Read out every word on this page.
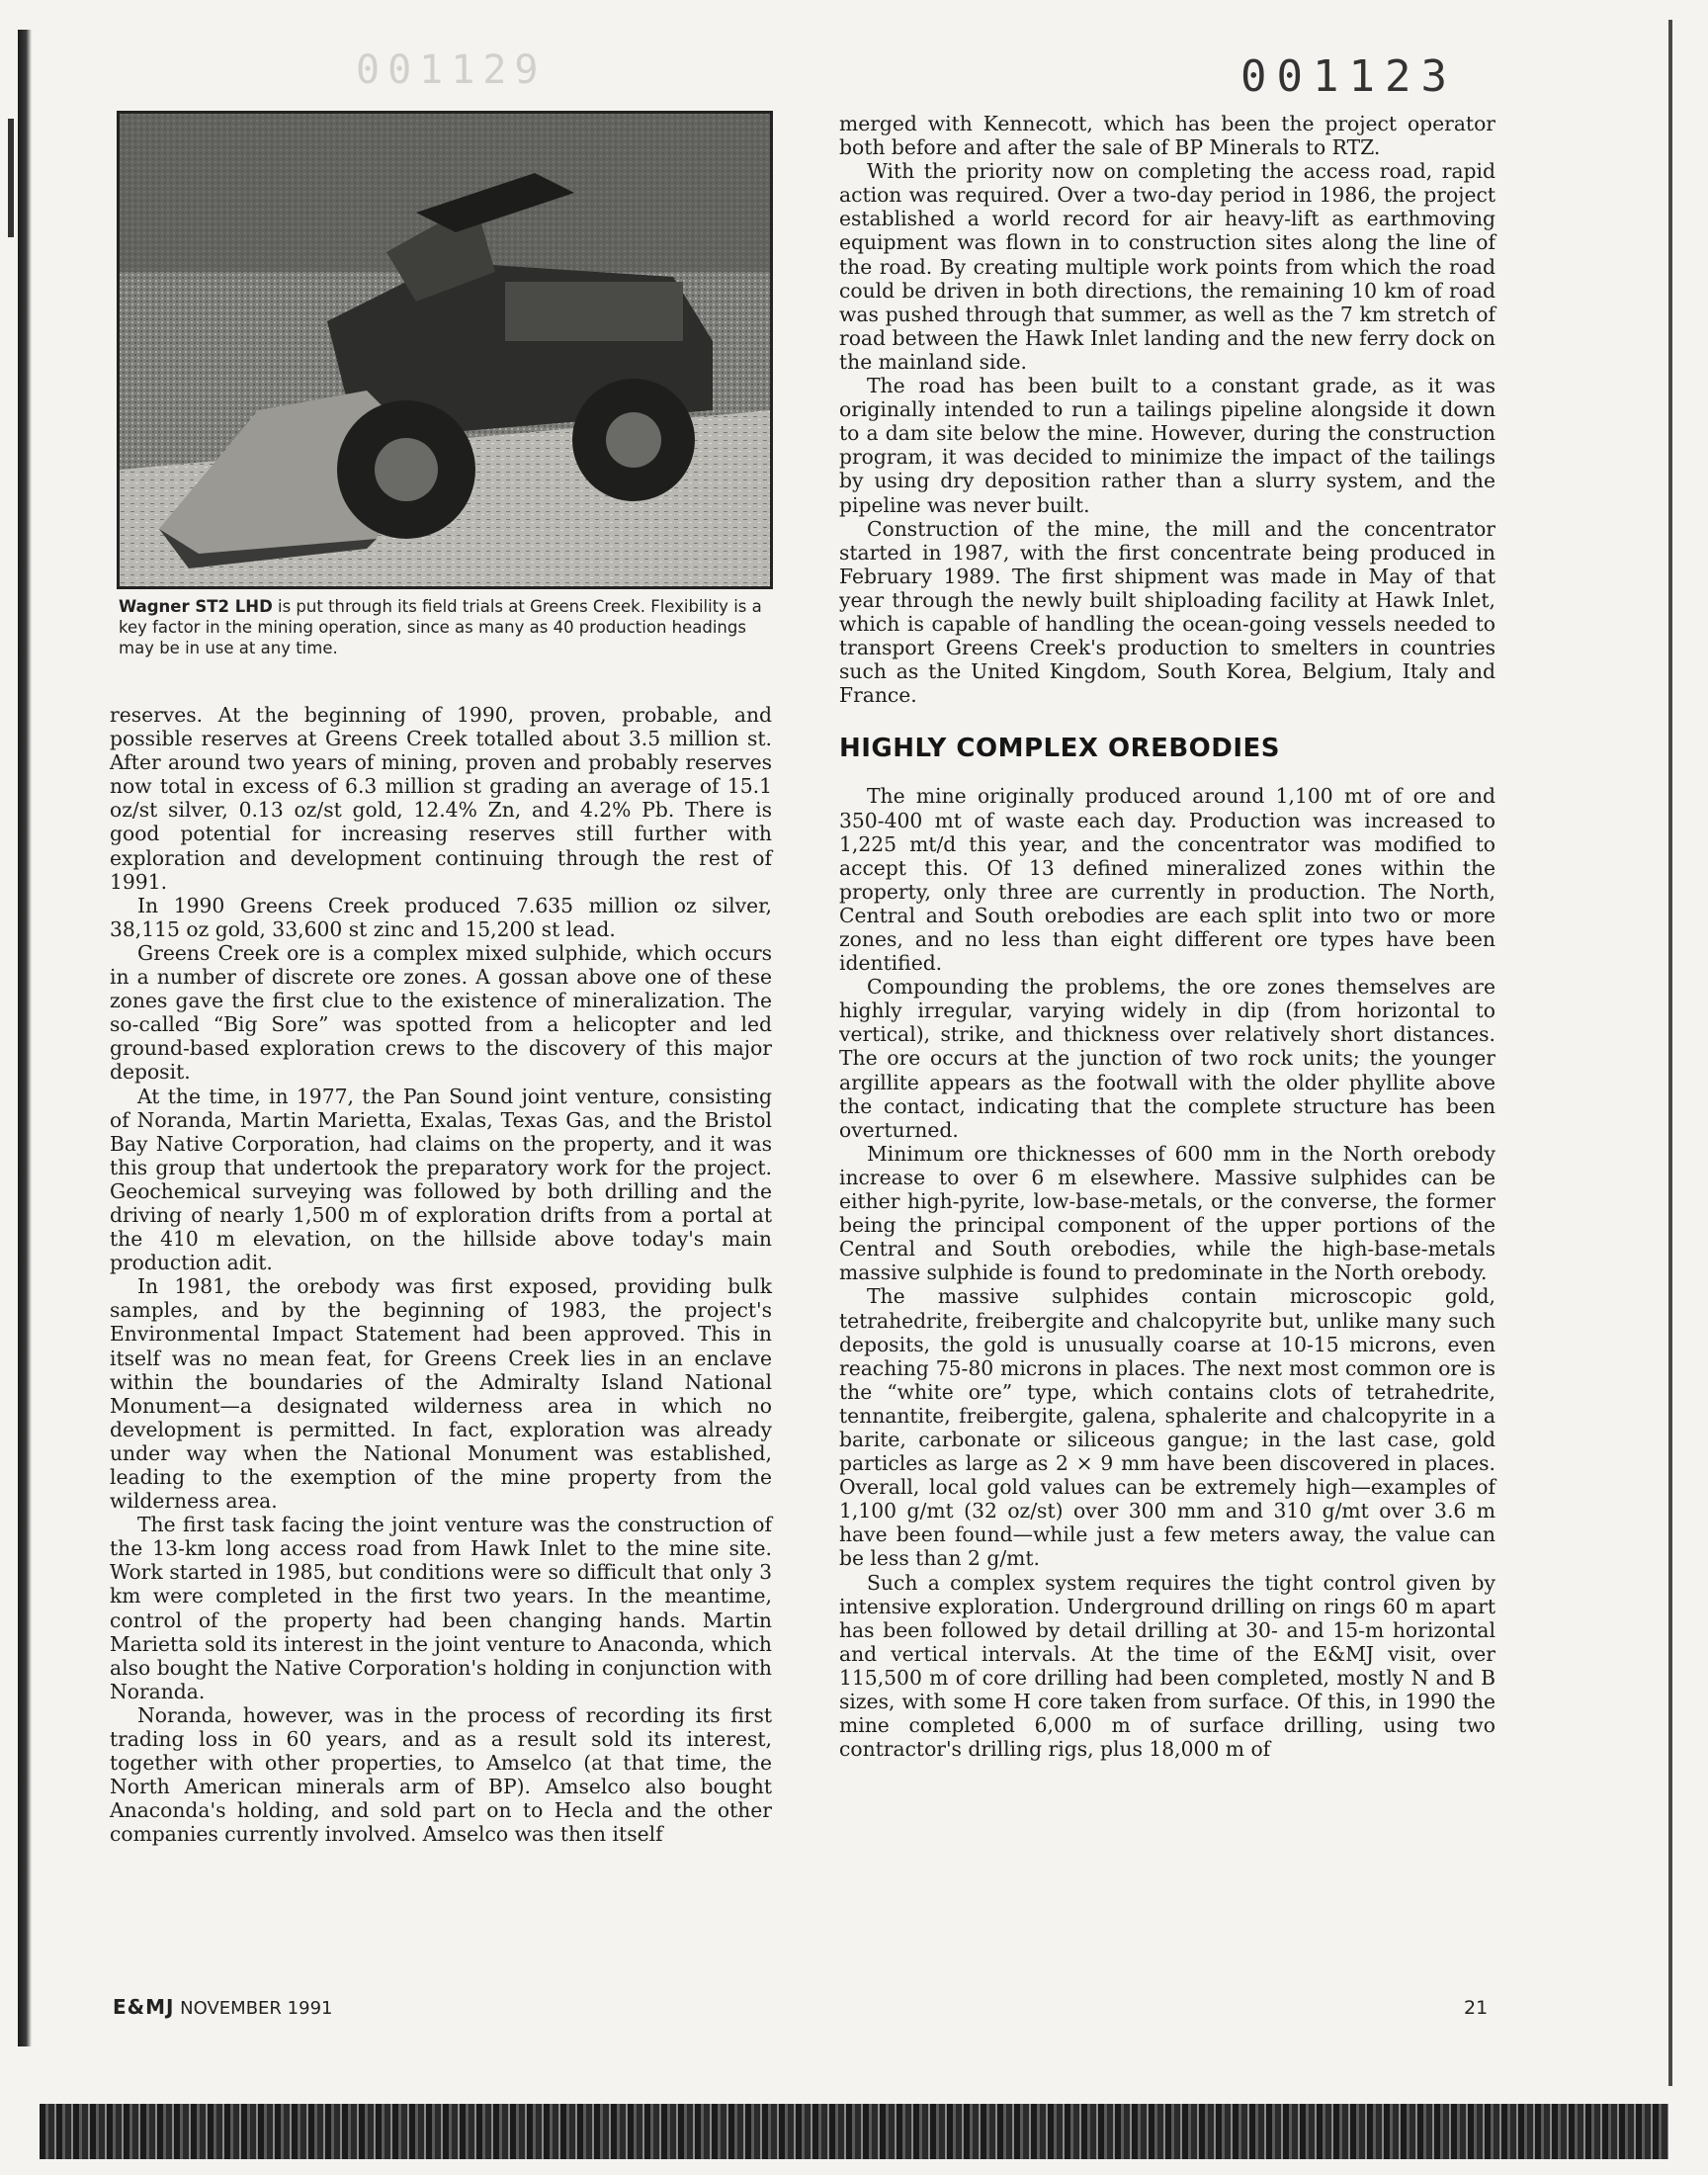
001129	001123
Wagner ST2 LHD is put through its field trials at Greens Creek. Flexibility is a key factor in the mining operation, since as many as 40 production headings may be in use at any time.

reserves. At the beginning of 1990, proven, probable, and possible reserves at Greens Creek totalled about 3.5 million st. After around two years of mining, proven and probably reserves now total in excess of 6.3 million st grading an average of 15.1 oz/st silver, 0.13 oz/st gold, 12.4% Zn, and 4.2% Pb. There is good potential for increasing reserves still further with exploration and development continuing through the rest of 1991.

In 1990 Greens Creek produced 7.635 million oz silver, 38,115 oz gold, 33,600 st zinc and 15,200 st lead.

Greens Creek ore is a complex mixed sulphide, which occurs in a number of discrete ore zones. A gossan above one of these zones gave the first clue to the existence of mineralization. The so-called “Big Sore” was spotted from a helicopter and led ground-based exploration crews to the discovery of this major deposit.

At the time, in 1977, the Pan Sound joint venture, consisting of Noranda, Martin Marietta, Exalas, Texas Gas, and the Bristol Bay Native Corporation, had claims on the property, and it was this group that undertook the preparatory work for the project. Geochemical surveying was followed by both drilling and the driving of nearly 1,500 m of exploration drifts from a portal at the 410 m elevation, on the hillside above today's main production adit.

In 1981, the orebody was first exposed, providing bulk samples, and by the beginning of 1983, the project's Environmental Impact Statement had been approved. This in itself was no mean feat, for Greens Creek lies in an enclave within the boundaries of the Admiralty Island National Monument—a designated wilderness area in which no development is permitted. In fact, exploration was already under way when the National Monument was established, leading to the exemption of the mine property from the wilderness area.

The first task facing the joint venture was the construction of the 13-km long access road from Hawk Inlet to the mine site. Work started in 1985, but conditions were so difficult that only 3 km were completed in the first two years. In the meantime, control of the property had been changing hands. Martin Marietta sold its interest in the joint venture to Anaconda, which also bought the Native Corporation's holding in conjunction with Noranda.

Noranda, however, was in the process of recording its first trading loss in 60 years, and as a result sold its interest, together with other properties, to Amselco (at that time, the North American minerals arm of BP). Amselco also bought Anaconda's holding, and sold part on to Hecla and the other companies currently involved. Amselco was then itself

merged with Kennecott, which has been the project operator both before and after the sale of BP Minerals to RTZ.

With the priority now on completing the access road, rapid action was required. Over a two-day period in 1986, the project established a world record for air heavy-lift as earthmoving equipment was flown in to construction sites along the line of the road. By creating multiple work points from which the road could be driven in both directions, the remaining 10 km of road was pushed through that summer, as well as the 7 km stretch of road between the Hawk Inlet landing and the new ferry dock on the mainland side.

The road has been built to a constant grade, as it was originally intended to run a tailings pipeline alongside it down to a dam site below the mine. However, during the construction program, it was decided to minimize the impact of the tailings by using dry deposition rather than a slurry system, and the pipeline was never built.

Construction of the mine, the mill and the concentrator started in 1987, with the first concentrate being produced in February 1989. The first shipment was made in May of that year through the newly built shiploading facility at Hawk Inlet, which is capable of handling the ocean-going vessels needed to transport Greens Creek's production to smelters in countries such as the United Kingdom, South Korea, Belgium, Italy and France.

HIGHLY COMPLEX OREBODIES

The mine originally produced around 1,100 mt of ore and 350-400 mt of waste each day. Production was increased to 1,225 mt/d this year, and the concentrator was modified to accept this. Of 13 defined mineralized zones within the property, only three are currently in production. The North, Central and South orebodies are each split into two or more zones, and no less than eight different ore types have been identified.

Compounding the problems, the ore zones themselves are highly irregular, varying widely in dip (from horizontal to vertical), strike, and thickness over relatively short distances. The ore occurs at the junction of two rock units; the younger argillite appears as the footwall with the older phyllite above the contact, indicating that the complete structure has been overturned.

Minimum ore thicknesses of 600 mm in the North orebody increase to over 6 m elsewhere. Massive sulphides can be either high-pyrite, low-base-metals, or the converse, the former being the principal component of the upper portions of the Central and South orebodies, while the high-base-metals massive sulphide is found to predominate in the North orebody.

The massive sulphides contain microscopic gold, tetrahedrite, freibergite and chalcopyrite but, unlike many such deposits, the gold is unusually coarse at 10-15 microns, even reaching 75-80 microns in places. The next most common ore is the “white ore” type, which contains clots of tetrahedrite, tennantite, freibergite, galena, sphalerite and chalcopyrite in a barite, carbonate or siliceous gangue; in the last case, gold particles as large as 2 × 9 mm have been discovered in places. Overall, local gold values can be extremely high—examples of 1,100 g/mt (32 oz/st) over 300 mm and 310 g/mt over 3.6 m have been found—while just a few meters away, the value can be less than 2 g/mt.

Such a complex system requires the tight control given by intensive exploration. Underground drilling on rings 60 m apart has been followed by detail drilling at 30- and 15-m horizontal and vertical intervals. At the time of the E&MJ visit, over 115,500 m of core drilling had been completed, mostly N and B sizes, with some H core taken from surface. Of this, in 1990 the mine completed 6,000 m of surface drilling, using two contractor's drilling rigs, plus 18,000 m of

E&MJ NOVEMBER 1991	21
